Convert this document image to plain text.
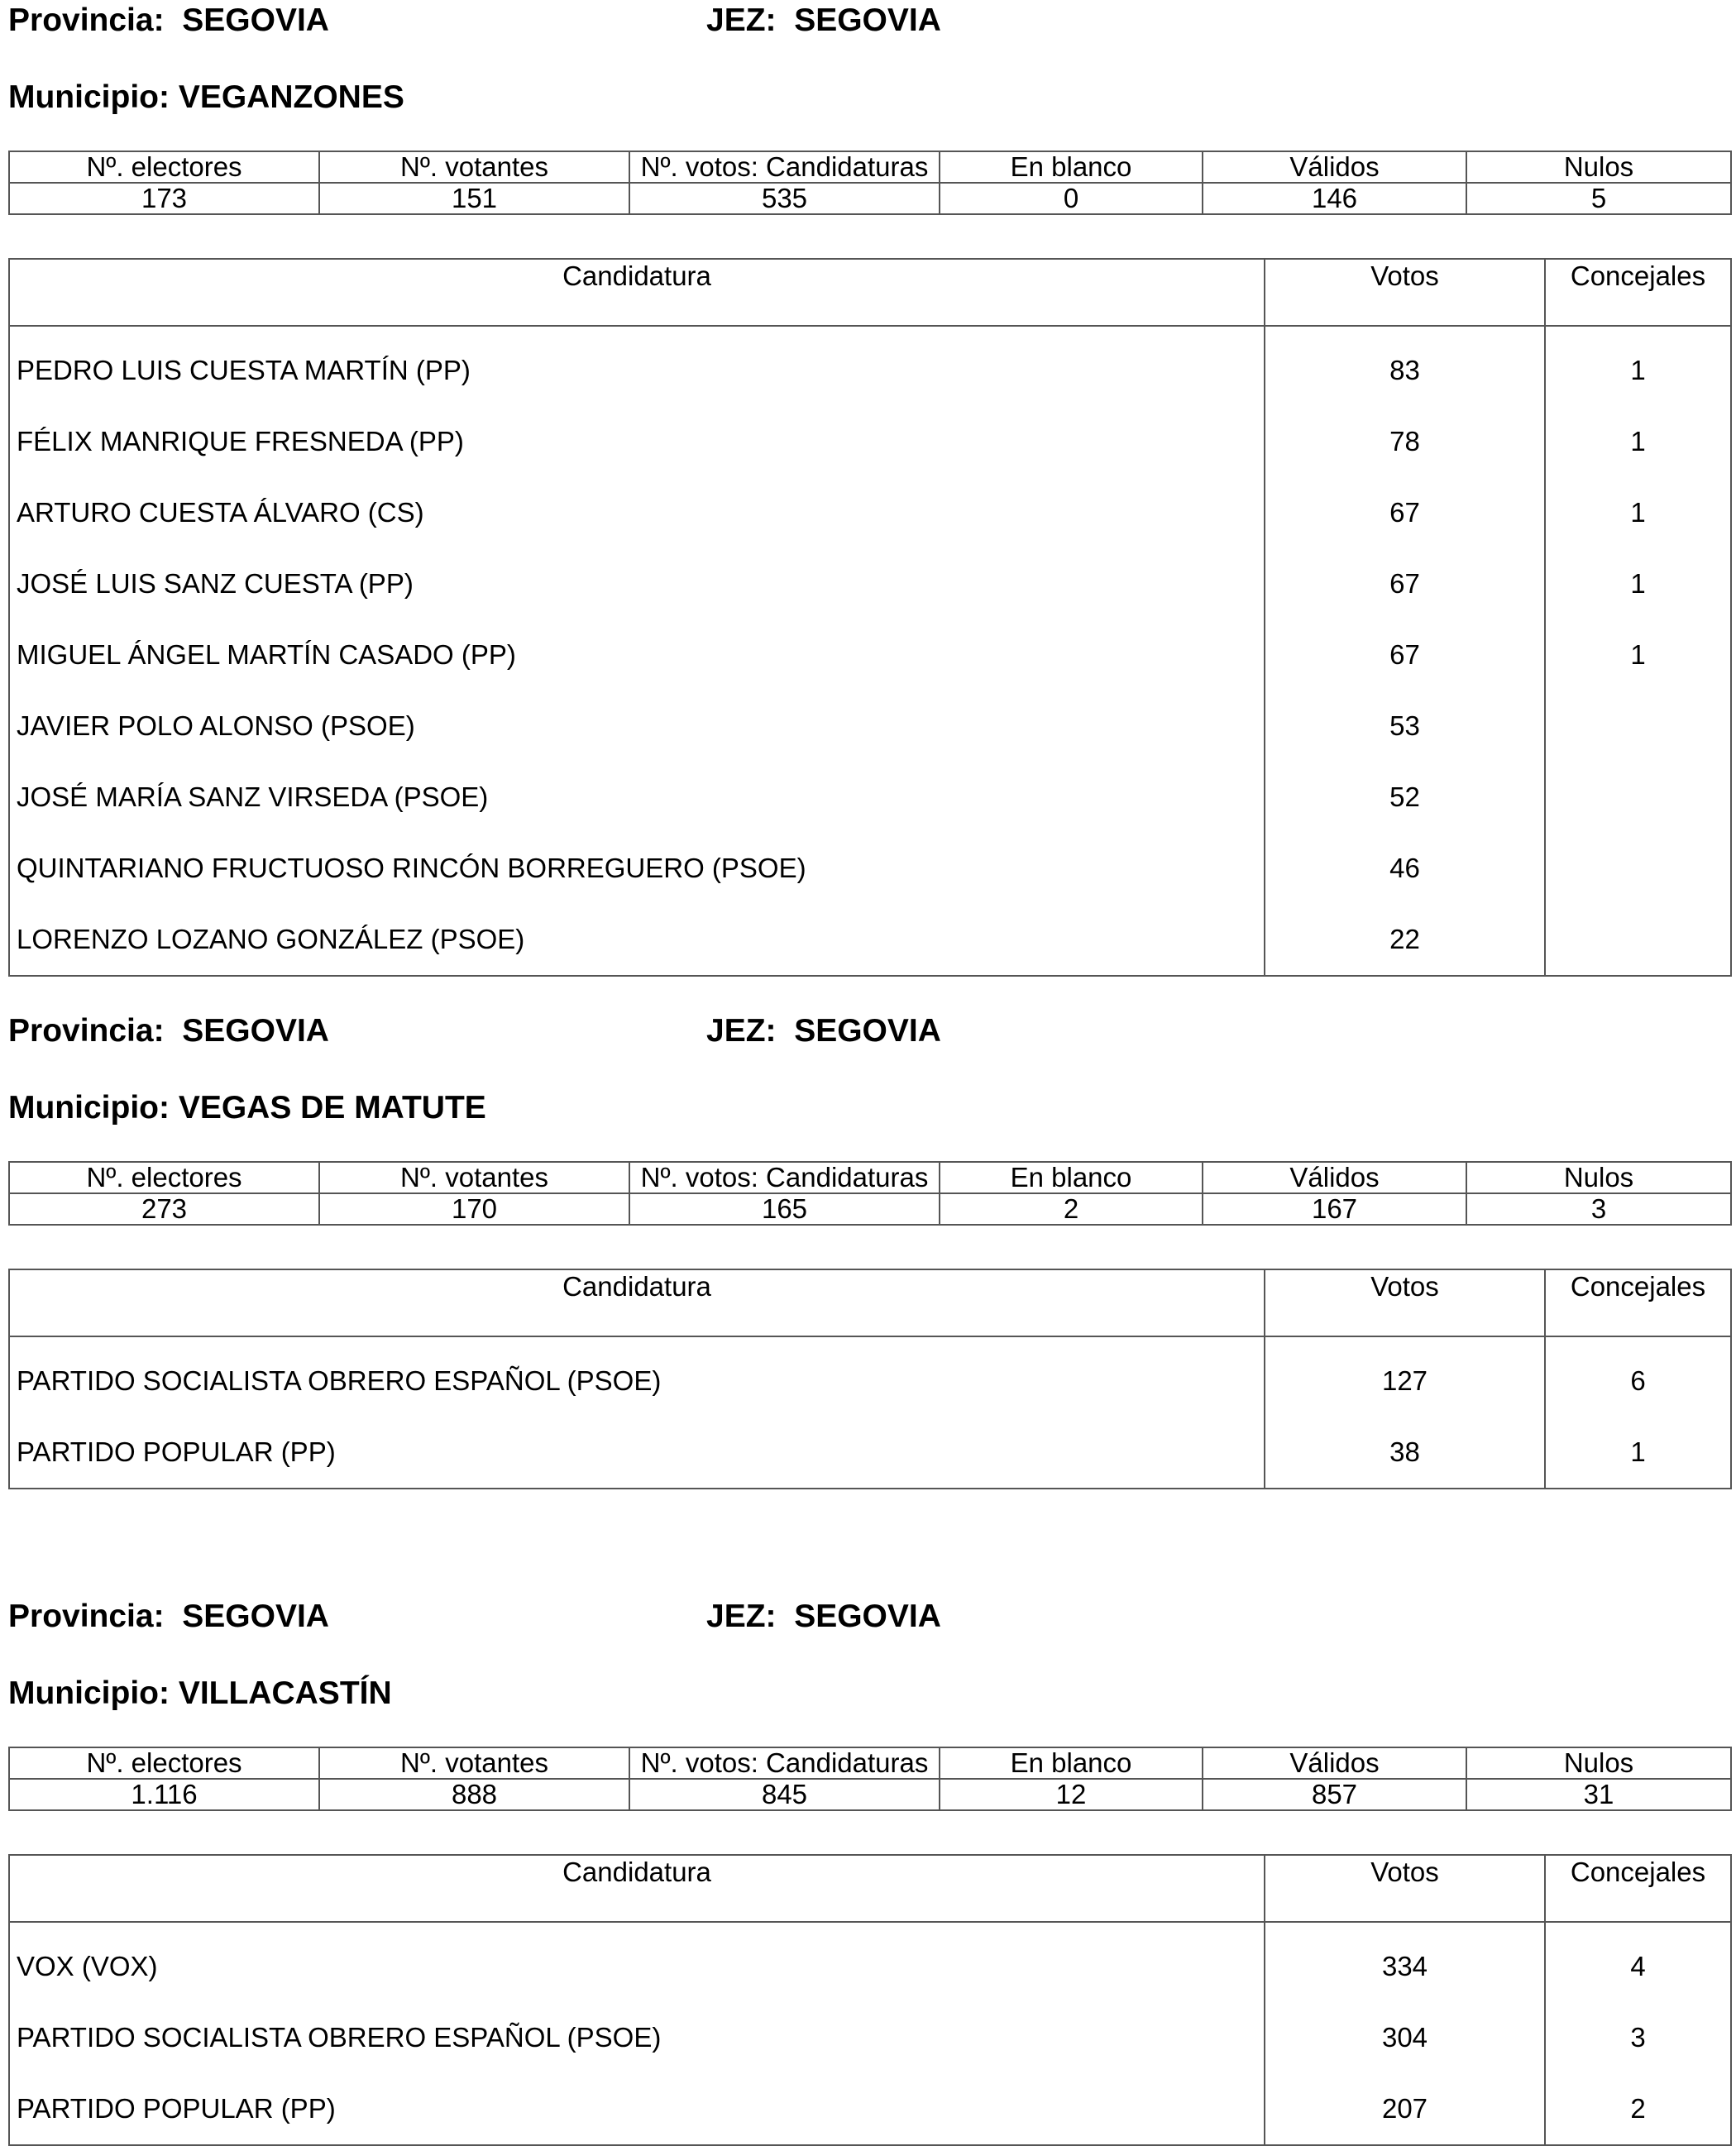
Provincia: SEGOVIA	JEZ: SEGOVIA
Municipio: VEGANZONES
Nº. electores	Nº. votantes	Nº. votos: Candidaturas	En blanco	Válidos	Nulos
173	151	535	0	146	5
Candidatura	Votos	Concejales
PEDRO LUIS CUESTA MARTÍN (PP)	83	1
FÉLIX MANRIQUE FRESNEDA (PP)	78	1
ARTURO CUESTA ÁLVARO (CS)	67	1
JOSÉ LUIS SANZ CUESTA (PP)	67	1
MIGUEL ÁNGEL MARTÍN CASADO (PP)	67	1
JAVIER POLO ALONSO (PSOE)	53	
JOSÉ MARÍA SANZ VIRSEDA (PSOE)	52	
QUINTARIANO FRUCTUOSO RINCÓN BORREGUERO (PSOE)	46	
LORENZO LOZANO GONZÁLEZ (PSOE)	22	
Provincia: SEGOVIA	JEZ: SEGOVIA
Municipio: VEGAS DE MATUTE
Nº. electores	Nº. votantes	Nº. votos: Candidaturas	En blanco	Válidos	Nulos
273	170	165	2	167	3
Candidatura	Votos	Concejales
PARTIDO SOCIALISTA OBRERO ESPAÑOL (PSOE)	127	6
PARTIDO POPULAR (PP)	38	1
Provincia: SEGOVIA	JEZ: SEGOVIA
Municipio: VILLACASTÍN
Nº. electores	Nº. votantes	Nº. votos: Candidaturas	En blanco	Válidos	Nulos
1.116	888	845	12	857	31
Candidatura	Votos	Concejales
VOX (VOX)	334	4
PARTIDO SOCIALISTA OBRERO ESPAÑOL (PSOE)	304	3
PARTIDO POPULAR (PP)	207	2
